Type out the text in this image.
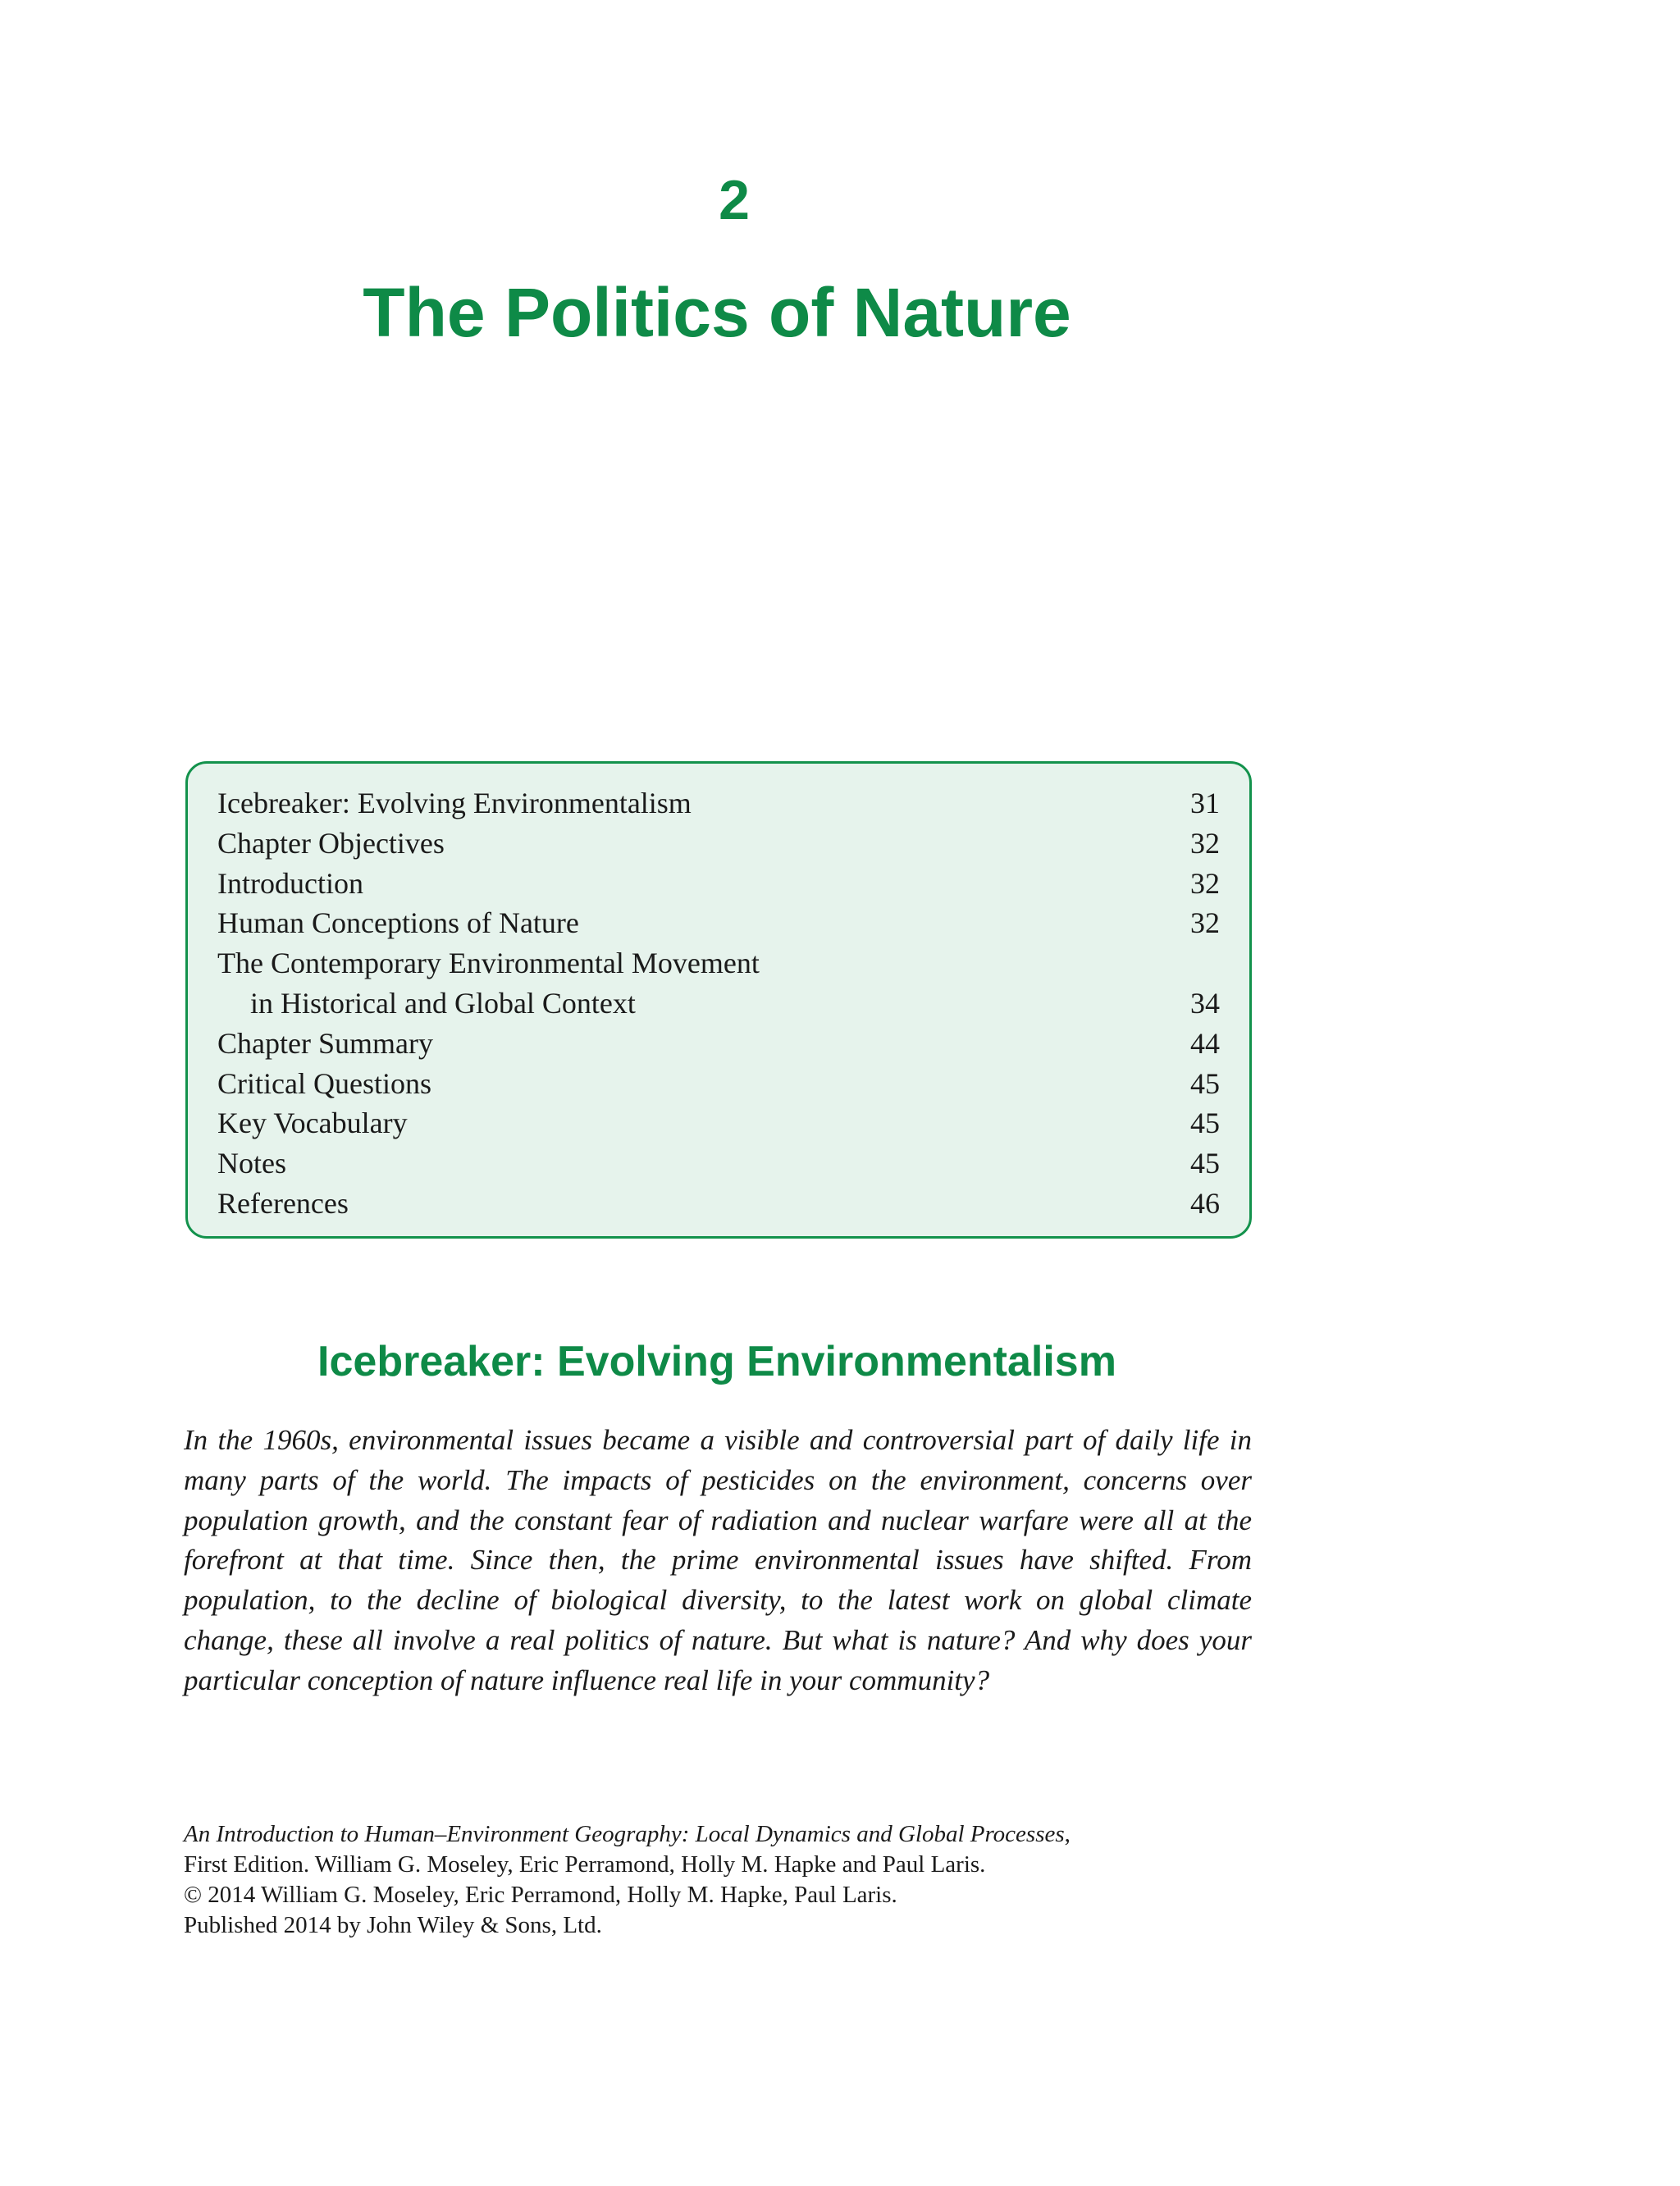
2
The Politics of Nature
Icebreaker: Evolving Environmentalism	31
Chapter Objectives	32
Introduction	32
Human Conceptions of Nature	32
The Contemporary Environmental Movement
in Historical and Global Context	34
Chapter Summary	44
Critical Questions	45
Key Vocabulary	45
Notes	45
References	46
Icebreaker: Evolving Environmentalism

In the 1960s, environmental issues became a visible and controversial part of daily life in many parts of the world. The impacts of pesticides on the environment, concerns over population growth, and the constant fear of radiation and nuclear warfare were all at the forefront at that time. Since then, the prime environmental issues have shifted. From population, to the decline of biological diversity, to the latest work on global climate change, these all involve a real politics of nature. But what is nature? And why does your particular conception of nature influence real life in your community?

An Introduction to Human–Environment Geography: Local Dynamics and Global Processes,
First Edition. William G. Moseley, Eric Perramond, Holly M. Hapke and Paul Laris.
© 2014 William G. Moseley, Eric Perramond, Holly M. Hapke, Paul Laris.
Published 2014 by John Wiley & Sons, Ltd.
